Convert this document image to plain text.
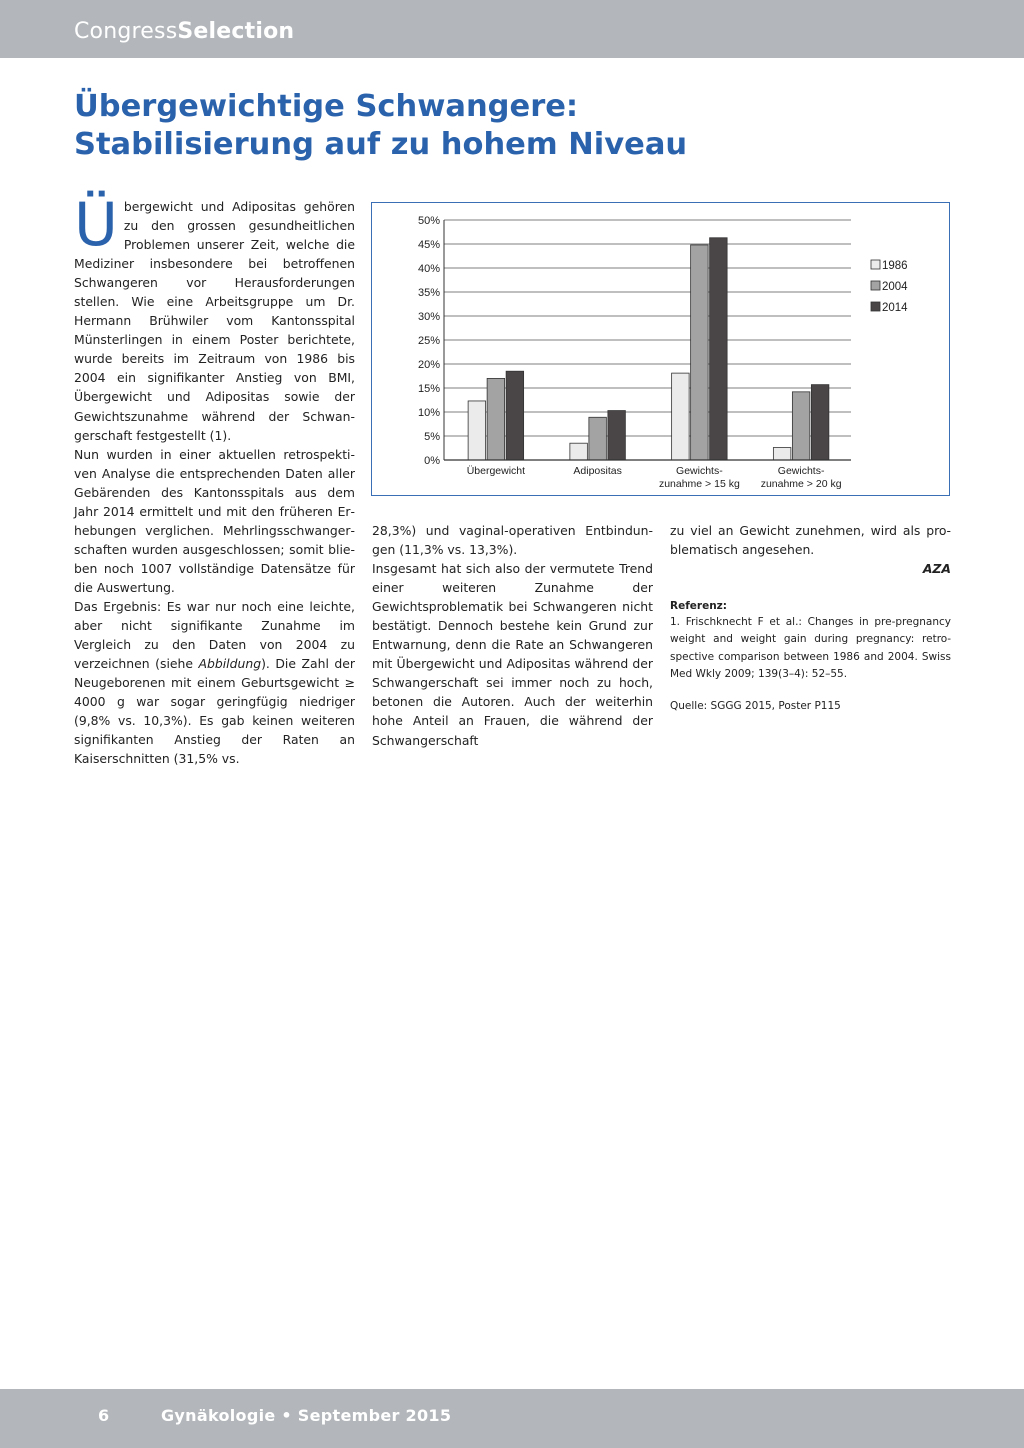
CongressSelection
Übergewichtige Schwangere:
Stabilisierung auf zu hohem Niveau

Übergewicht und Adipositas gehören zu den grossen gesundheitlichen Problemen unserer Zeit, welche die Mediziner insbesondere bei betroffenen Schwangeren vor Herausforderungen stellen. Wie eine Arbeitsgruppe um Dr. Hermann Brühwiler vom Kantonsspital Münsterlingen in einem Poster berichtete, wurde bereits im Zeitraum von 1986 bis 2004 ein signifikanter Anstieg von BMI, Übergewicht und Adipositas sowie der Gewichtszunahme während der Schwangerschaft festgestellt (1).

Nun wurden in einer aktuellen retrospektiven Analyse die entsprechenden Daten aller Gebärenden des Kantonsspitals aus dem Jahr 2014 ermittelt und mit den früheren Erhebungen verglichen. Mehrlingsschwangerschaften wurden ausgeschlossen; somit blieben noch 1007 vollständige Datensätze für die Auswertung.

Das Ergebnis: Es war nur noch eine leichte, aber nicht signifikante Zunahme im Vergleich zu den Daten von 2004 zu verzeichnen (siehe Abbildung). Die Zahl der Neugeborenen mit einem Geburtsgewicht ≥ 4000 g war sogar geringfügig niedriger (9,8% vs. 10,3%). Es gab keinen weiteren signifikanten Anstieg der Raten an Kaiserschnitten (31,5% vs.

28,3%) und vaginal-operativen Entbindungen (11,3% vs. 13,3%).

Insgesamt hat sich also der vermutete Trend einer weiteren Zunahme der Gewichtsproblematik bei Schwangeren nicht bestätigt. Dennoch bestehe kein Grund zur Entwarnung, denn die Rate an Schwangeren mit Übergewicht und Adipositas während der Schwangerschaft sei immer noch zu hoch, betonen die Autoren. Auch der weiterhin hohe Anteil an Frauen, die während der Schwangerschaft

zu viel an Gewicht zunehmen, wird als problematisch angesehen.

AZA

Referenz:

1. Frischknecht F et al.: Changes in pre-pregnancy weight and weight gain during pregnancy: retrospective comparison between 1986 and 2004. Swiss Med Wkly 2009; 139(3–4): 52–55.

Quelle: SGGG 2015, Poster P115

0%
5%
10%
15%
20%
25%
30%
35%
40%
45%
50%
Übergewicht	Adipositas	Gewichts-
zunahme > 15 kg
Gewichts-
zunahme > 20 kg
1986
2004
2014
6	Gynäkologie • September 2015
